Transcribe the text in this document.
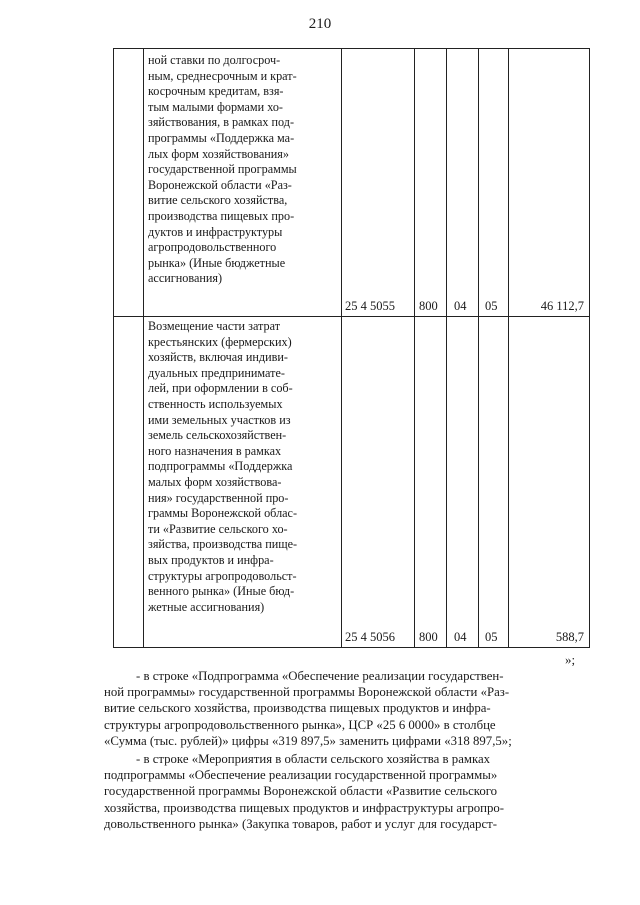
210
ной ставки по долгосроч-
ным, среднесрочным и крат-
косрочным кредитам, взя-
тым малыми формами хо-
зяйствования, в рамках под-
программы «Поддержка ма-
лых форм хозяйствования»
государственной программы
Воронежской области «Раз-
витие сельского хозяйства,
производства пищевых про-
дуктов и инфраструктуры
агропродовольственного
рынка» (Иные бюджетные
ассигнования)
25 4 5055 800 04 05	46 112,7
Возмещение части затрат
крестьянских (фермерских)
хозяйств, включая индиви-
дуальных предпринимате-
лей, при оформлении в соб-
ственность используемых
ими земельных участков из
земель сельскохозяйствен-
ного назначения в рамках
подпрограммы «Поддержка
малых форм хозяйствова-
ния» государственной про-
граммы Воронежской облас-
ти «Развитие сельского хо-
зяйства, производства пище-
вых продуктов и инфра-
структуры агропродовольст-
венного рынка» (Иные бюд-
жетные ассигнования)
25 4 5056 800 04 05	588,7
»;
- в строке «Подпрограмма «Обеспечение реализации государствен-
ной программы» государственной программы Воронежской области «Раз-
витие сельского хозяйства, производства пищевых продуктов и инфра-
структуры агропродовольственного рынка», ЦСР «25 6 0000» в столбце
«Сумма (тыс. рублей)» цифры «319 897,5» заменить цифрами «318 897,5»;
- в строке «Мероприятия в области сельского хозяйства в рамках
подпрограммы «Обеспечение реализации государственной программы»
государственной программы Воронежской области «Развитие сельского
хозяйства, производства пищевых продуктов и инфраструктуры агропро-
довольственного рынка» (Закупка товаров, работ и услуг для государст-
